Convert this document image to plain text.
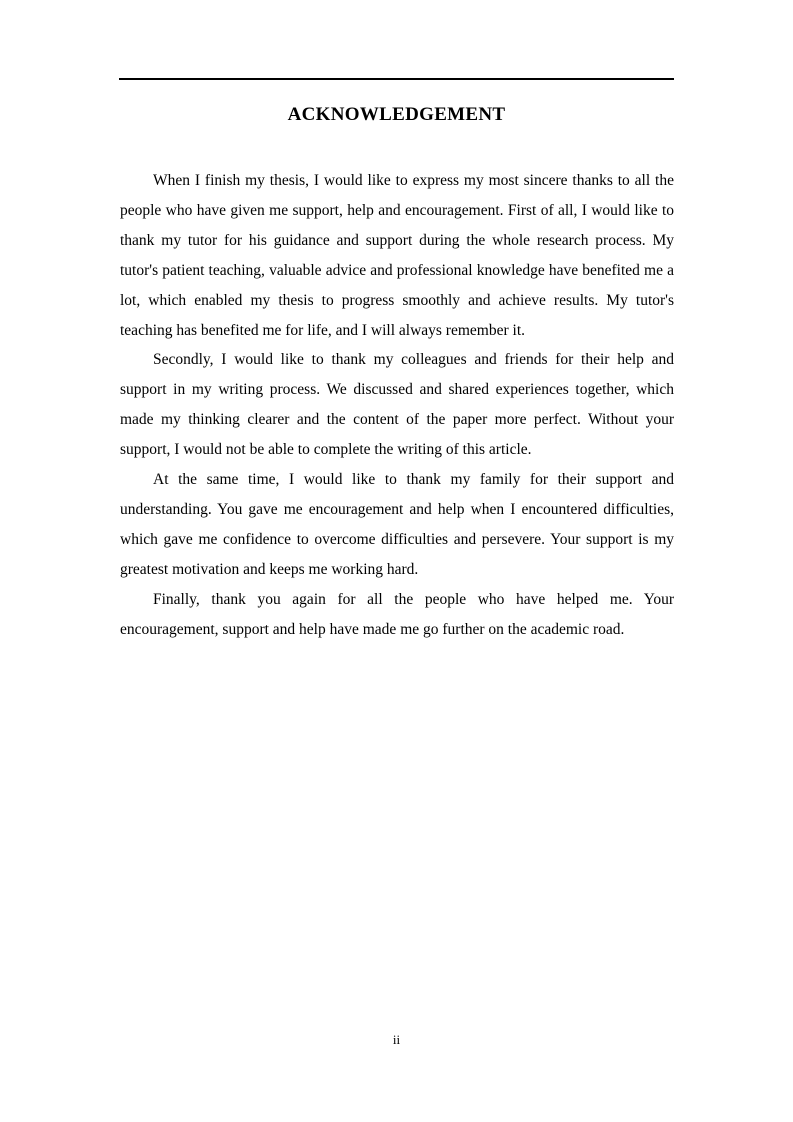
ACKNOWLEDGEMENT

When I finish my thesis, I would like to express my most sincere thanks to all the people who have given me support, help and encouragement. First of all, I would like to thank my tutor for his guidance and support during the whole research process. My tutor's patient teaching, valuable advice and professional knowledge have benefited me a lot, which enabled my thesis to progress smoothly and achieve results. My tutor's teaching has benefited me for life, and I will always remember it.

Secondly, I would like to thank my colleagues and friends for their help and support in my writing process. We discussed and shared experiences together, which made my thinking clearer and the content of the paper more perfect. Without your support, I would not be able to complete the writing of this article.

At the same time, I would like to thank my family for their support and understanding. You gave me encouragement and help when I encountered difficulties, which gave me confidence to overcome difficulties and persevere. Your support is my greatest motivation and keeps me working hard.

Finally, thank you again for all the people who have helped me. Your encouragement, support and help have made me go further on the academic road.

ii
